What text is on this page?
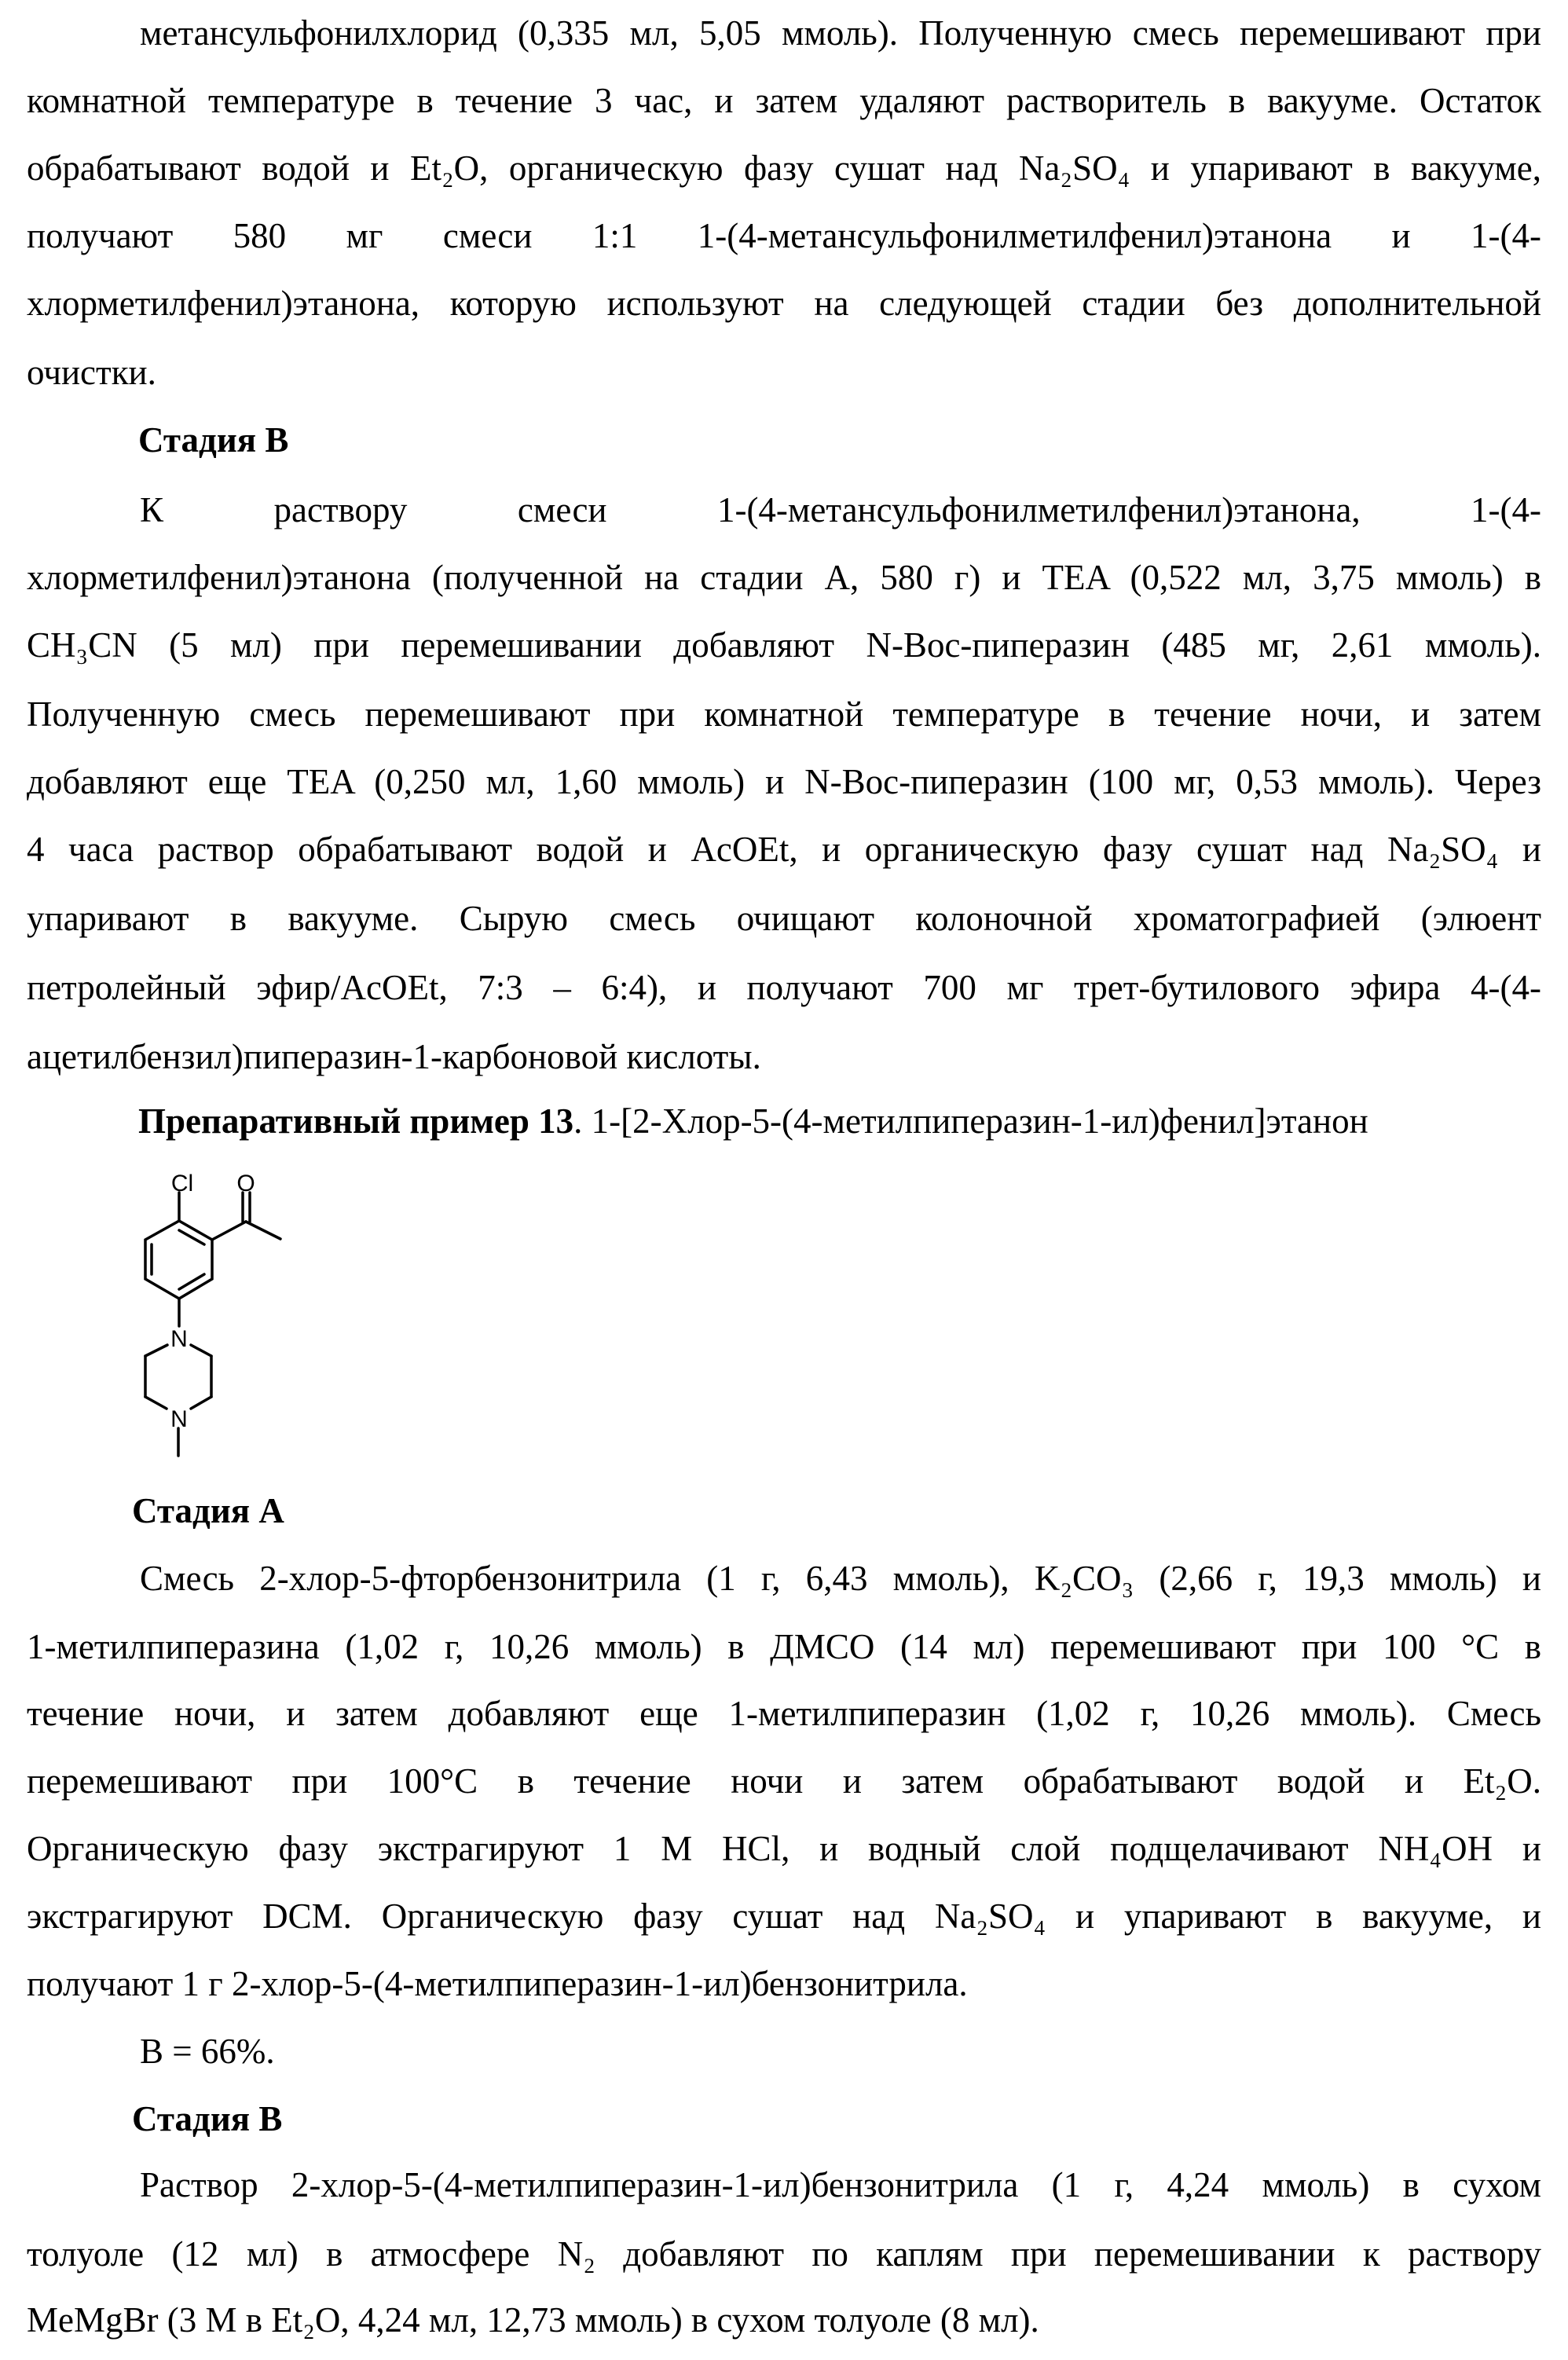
Стадия B
Препаративный пример 13. 1-[2-Хлор-5-(4-метилпиперазин-1-ил)фенил]этанон
Стадия A
Стадия B
B = 66%.
Cl O
N
N
метансульфонилхлорид (0,335 мл, 5,05 ммоль). Полученную смесь перемешивают при
комнатной температуре в течение 3 час, и затем удаляют растворитель в вакууме. Остаток
обрабатывают водой и Et₂O, органическую фазу сушат над Na₂SO₄ и упаривают в вакууме,
получают 580 мг смеси 1:1 1-(4-метансульфонилметилфенил)этанона и 1-(4-
хлорметилфенил)этанона, которую используют на следующей стадии без дополнительной
очистки.
К раствору смеси 1-(4-метансульфонилметилфенил)этанона, 1-(4-
хлорметилфенил)этанона (полученной на стадии А, 580 г) и TEA (0,522 мл, 3,75 ммоль) в
CH₃CN (5 мл) при перемешивании добавляют N-Boc-пиперазин (485 мг, 2,61 ммоль).
Полученную смесь перемешивают при комнатной температуре в течение ночи, и затем
добавляют еще TEA (0,250 мл, 1,60 ммоль) и N-Boc-пиперазин (100 мг, 0,53 ммоль). Через
4 часа раствор обрабатывают водой и AcOEt, и органическую фазу сушат над Na₂SO₄ и
упаривают в вакууме. Сырую смесь очищают колоночной хроматографией (элюент
петролейный эфир/AcOEt, 7:3 – 6:4), и получают 700 мг трет-бутилового эфира 4-(4-
ацетилбензил)пиперазин-1-карбоновой кислоты.
Смесь 2-хлор-5-фторбензонитрила (1 г, 6,43 ммоль), K₂CO₃ (2,66 г, 19,3 ммоль) и
1-метилпиперазина (1,02 г, 10,26 ммоль) в ДМСО (14 мл) перемешивают при 100 °C в
течение ночи, и затем добавляют еще 1-метилпиперазин (1,02 г, 10,26 ммоль). Смесь
перемешивают при 100°C в течение ночи и затем обрабатывают водой и Et₂O.
Органическую фазу экстрагируют 1 M HCl, и водный слой подщелачивают NH₄OH и
экстрагируют DCM. Органическую фазу сушат над Na₂SO₄ и упаривают в вакууме, и
получают 1 г 2-хлор-5-(4-метилпиперазин-1-ил)бензонитрила.
Раствор 2-хлор-5-(4-метилпиперазин-1-ил)бензонитрила (1 г, 4,24 ммоль) в сухом
толуоле (12 мл) в атмосфере N₂ добавляют по каплям при перемешивании к раствору
MeMgBr (3 M в Et₂O, 4,24 мл, 12,73 ммоль) в сухом толуоле (8 мл).
